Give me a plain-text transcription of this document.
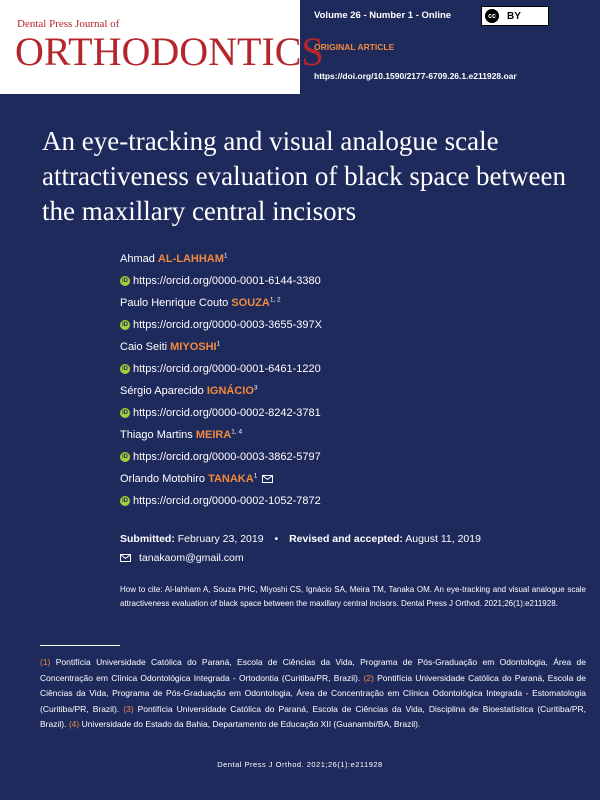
Dental Press Journal of
ORTHODONTICS
Volume 26 - Number 1 - Online	cc	BY
ORIGINAL ARTICLE
https://doi.org/10.1590/2177-6709.26.1.e211928.oar
An eye-tracking and visual analogue scale attractiveness evaluation of black space between the maxillary central incisors
Ahmad AL-LAHHAM$^1$
iD https://orcid.org/0000-0001-6144-3380
Paulo Henrique Couto SOUZA$^{1, 2}$
iD https://orcid.org/0000-0003-3655-397X
Caio Seiti MIYOSHI$^1$
iD https://orcid.org/0000-0001-6461-1220
Sérgio Aparecido IGNÁCIO$^3$
iD https://orcid.org/0000-0002-8242-3781
Thiago Martins MEIRA$^{1, 4}$
iD https://orcid.org/0000-0003-3862-5797
Orlando Motohiro TANAKA$^1$
iD https://orcid.org/0000-0002-1052-7872
Submitted: February 23, 2019 • Revised and accepted: August 11, 2019
tanakaom@gmail.com
How to cite: Al-lahham A, Souza PHC, Miyoshi CS, Ignácio SA, Meira TM, Tanaka OM. An eye-tracking and visual analogue scale attractiveness evaluation of black space between the maxillary central incisors. Dental Press J Orthod. 2021;26(1):e211928.
(1) Pontifícia Universidade Católica do Paraná, Escola de Ciências da Vida, Programa de Pós-Graduação em Odontologia, Área de Concentração em Clínica Odontológica Integrada - Ortodontia (Curitiba/PR, Brazil). (2) Pontifícia Universidade Católica do Paraná, Escola de Ciências da Vida, Programa de Pós-Graduação em Odontologia, Área de Concentração em Clínica Odontológica Integrada - Estomatologia (Curitiba/PR, Brazil). (3) Pontifícia Universidade Católica do Paraná, Escola de Ciências da Vida, Disciplina de Bioestatística (Curitiba/PR, Brazil). (4) Universidade do Estado da Bahia, Departamento de Educação XII (Guanambi/BA, Brazil).
Dental Press J Orthod. 2021;26(1):e211928
